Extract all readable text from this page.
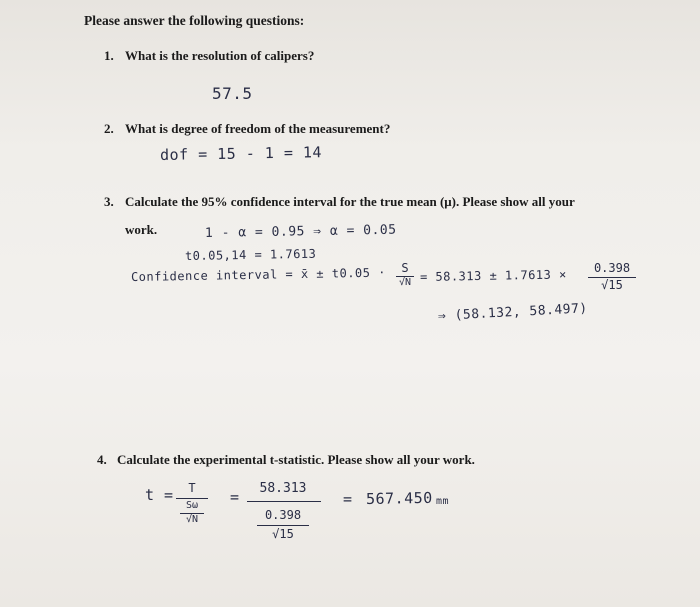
Please answer the following questions:
1. What is the resolution of calipers?
57.5
2. What is degree of freedom of the measurement?
dof = 15 - 1 = 14
3. Calculate the 95% confidence interval for the true mean (μ). Please show all your
work.	1 - α = 0.95 ⇒ α = 0.05
t0.05,14 = 1.7613
Confidence interval = x̄ ± t0.05 · S
√N = 58.313 ± 1.7613 ×	0.398
√15
⇒ (58.132, 58.497)
4. Calculate the experimental t-statistic. Please show all your work.
t =	T
Sω
√N
=	58.313
0.398
√15
= 567.450 mm
